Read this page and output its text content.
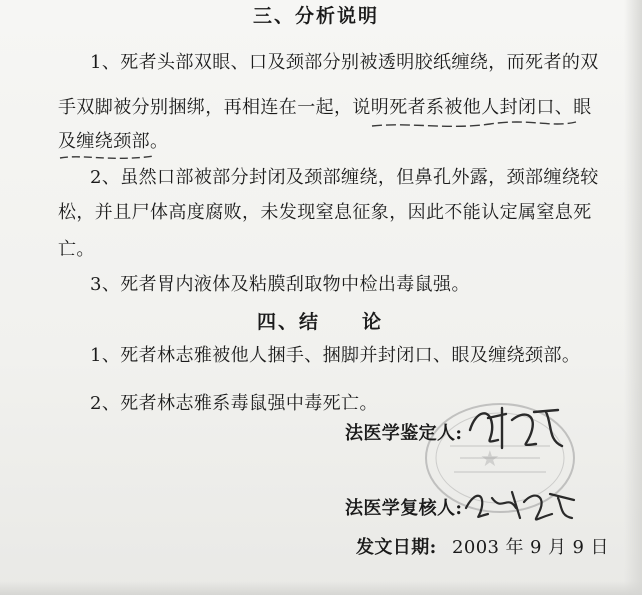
三、分析说明
1、死者头部双眼、口及颈部分别被透明胶纸缠绕，而死者的双
手双脚被分别捆绑，再相连在一起，说明死者系被他人封闭口、眼
及缠绕颈部。
2、虽然口部被部分封闭及颈部缠绕，但鼻孔外露，颈部缠绕较
松，并且尸体高度腐败，未发现窒息征象，因此不能认定属窒息死
亡。
3、死者胃内液体及粘膜刮取物中检出毒鼠强。
四、结　　论
1、死者林志雅被他人捆手、捆脚并封闭口、眼及缠绕颈部。
2、死者林志雅系毒鼠强中毒死亡。
★
法医学鉴定人:
法医学复核人:
发文日期: 2003 年 9 月 9 日
